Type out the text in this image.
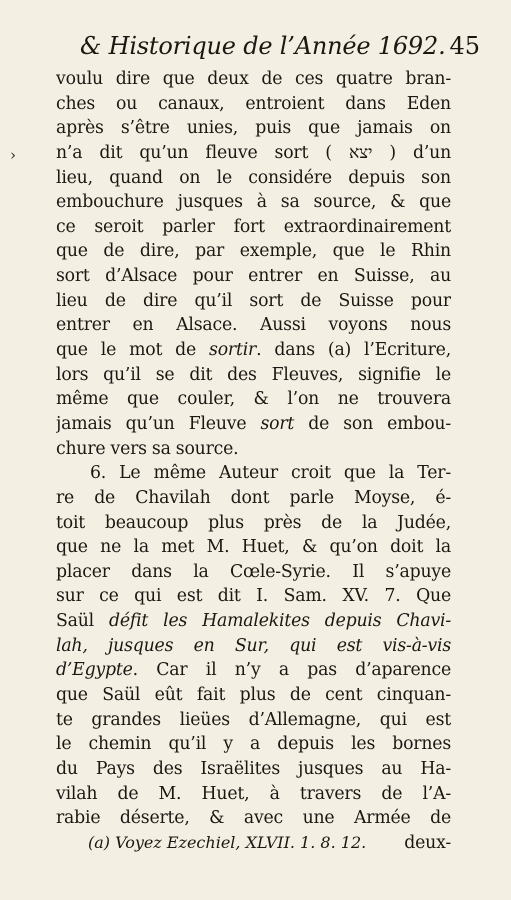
›
& Historique de l’Année 1692. 45
voulu dire que deux de ces quatre bran-
ches ou canaux, entroient dans Eden
après s’être unies, puis que jamais on
n’a dit qu’un fleuve sort ( יצא ) d’un
lieu, quand on le considére depuis son
embouchure jusques à sa source, & que
ce seroit parler fort extraordinairement
que de dire, par exemple, que le Rhin
sort d’Alsace pour entrer en Suisse, au
lieu de dire qu’il sort de Suisse pour
entrer en Alsace. Aussi voyons nous
que le mot de sortir. dans (a) l’Ecriture,
lors qu’il se dit des Fleuves, signifie le
même que couler, & l’on ne trouvera
jamais qu’un Fleuve sort de son embou-
chure vers sa source.
6. Le même Auteur croit que la Ter-
re de Chavilah dont parle Moyse, é-
toit beaucoup plus près de la Judée,
que ne la met M. Huet, & qu’on doit la
placer dans la Cœle-Syrie. Il s’apuye
sur ce qui est dit I. Sam. XV. 7. Que
Saül défit les Hamalekites depuis Chavi-
lah, jusques en Sur, qui est vis-à-vis
d’Egypte. Car il n’y a pas d’aparence
que Saül eût fait plus de cent cinquan-
te grandes lieües d’Allemagne, qui est
le chemin qu’il y a depuis les bornes
du Pays des Israëlites jusques au Ha-
vilah de M. Huet, à travers de l’A-
rabie déserte, & avec une Armée de
deux-
(a) Voyez Ezechiel, XLVII. 1. 8. 12.
